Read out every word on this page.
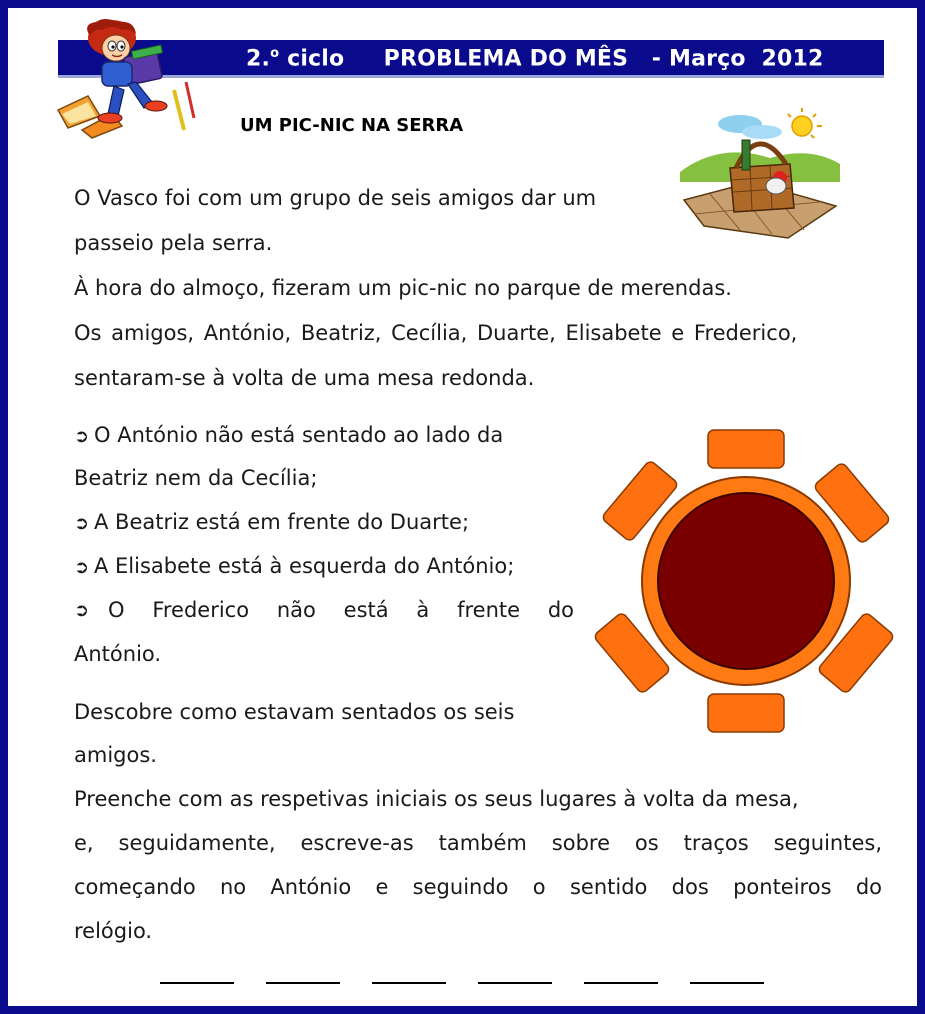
2.$^o$ ciclo PROBLEMA DO MÊS - Março  2012
UM PIC-NIC NA SERRA
O Vasco foi com um grupo de seis amigos dar um
passeio pela serra.
À hora do almoço, fizeram um pic-nic no parque de merendas.
Os amigos, António, Beatriz, Cecília, Duarte, Elisabete e Frederico,
sentaram-se à volta de uma mesa redonda.
➲ O António não está sentado ao lado da
Beatriz nem da Cecília;
➲ A Beatriz está em frente do Duarte;
➲ A Elisabete está à esquerda do António;
➲ O Frederico não está à frente do
António.
Descobre como estavam sentados os seis
amigos.
Preenche com as respetivas iniciais os seus lugares à volta da mesa,
e, seguidamente, escreve-as também sobre os traços seguintes,
começando no António e seguindo o sentido dos ponteiros do
relógio.
